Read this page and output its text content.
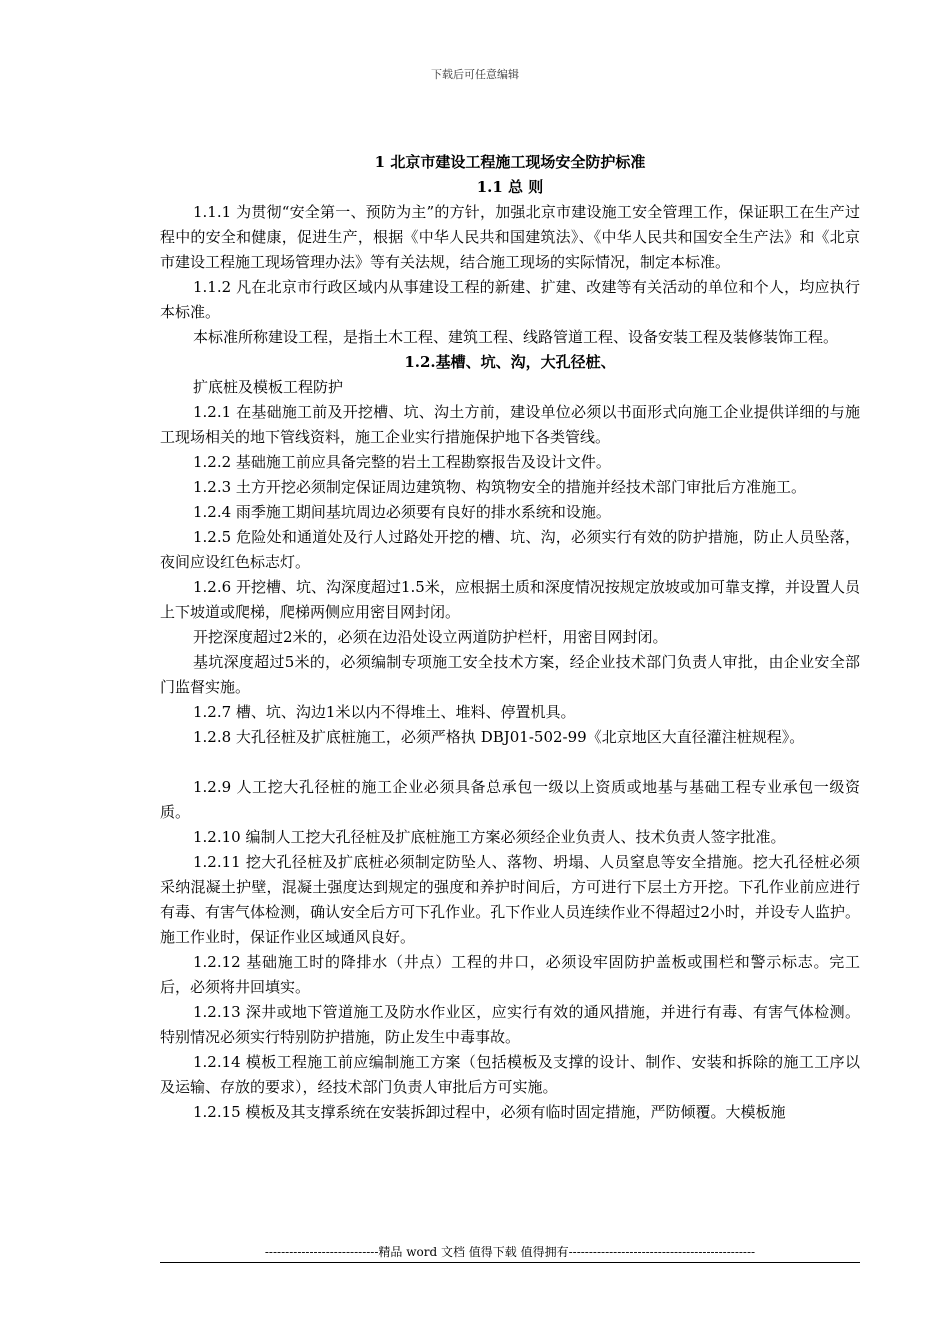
下载后可任意编辑
1 北京市建设工程施工现场安全防护标准
1.1 总 则

1.1.1 为贯彻“安全第一、预防为主”的方针，加强北京市建设施工安全管理工作，保证职工在生产过程中的安全和健康，促进生产，根据《中华人民共和国建筑法》、《中华人民共和国安全生产法》和《北京市建设工程施工现场管理办法》等有关法规，结合施工现场的实际情况，制定本标准。

1.1.2 凡在北京市行政区域内从事建设工程的新建、扩建、改建等有关活动的单位和个人，均应执行本标准。

本标准所称建设工程，是指土木工程、建筑工程、线路管道工程、设备安装工程及装修装饰工程。

1.2.基槽、坑、沟，大孔径桩、
扩底桩及模板工程防护

1.2.1 在基础施工前及开挖槽、坑、沟土方前，建设单位必须以书面形式向施工企业提供详细的与施工现场相关的地下管线资料，施工企业实行措施保护地下各类管线。

1.2.2 基础施工前应具备完整的岩土工程勘察报告及设计文件。

1.2.3 土方开挖必须制定保证周边建筑物、构筑物安全的措施并经技术部门审批后方准施工。

1.2.4 雨季施工期间基坑周边必须要有良好的排水系统和设施。

1.2.5 危险处和通道处及行人过路处开挖的槽、坑、沟，必须实行有效的防护措施，防止人员坠落，夜间应设红色标志灯。

1.2.6 开挖槽、坑、沟深度超过1.5米，应根据土质和深度情况按规定放坡或加可靠支撑，并设置人员上下坡道或爬梯，爬梯两侧应用密目网封闭。

开挖深度超过2米的，必须在边沿处设立两道防护栏杆，用密目网封闭。

基坑深度超过5米的，必须编制专项施工安全技术方案，经企业技术部门负责人审批，由企业安全部门监督实施。

1.2.7 槽、坑、沟边1米以内不得堆土、堆料、停置机具。

1.2.8 大孔径桩及扩底桩施工，必须严格执 DBJ01-502-99《北京地区大直径灌注桩规程》。

1.2.9 人工挖大孔径桩的施工企业必须具备总承包一级以上资质或地基与基础工程专业承包一级资质。

1.2.10 编制人工挖大孔径桩及扩底桩施工方案必须经企业负责人、技术负责人签字批准。

1.2.11 挖大孔径桩及扩底桩必须制定防坠人、落物、坍塌、人员窒息等安全措施。挖大孔径桩必须采纳混凝土护壁，混凝土强度达到规定的强度和养护时间后，方可进行下层土方开挖。下孔作业前应进行有毒、有害气体检测，确认安全后方可下孔作业。孔下作业人员连续作业不得超过2小时，并设专人监护。施工作业时，保证作业区域通风良好。

1.2.12 基础施工时的降排水（井点）工程的井口，必须设牢固防护盖板或围栏和警示标志。完工后，必须将井回填实。

1.2.13 深井或地下管道施工及防水作业区，应实行有效的通风措施，并进行有毒、有害气体检测。特别情况必须实行特别防护措施，防止发生中毒事故。

1.2.14 模板工程施工前应编制施工方案（包括模板及支撑的设计、制作、安装和拆除的施工工序以及运输、存放的要求），经技术部门负责人审批后方可实施。

1.2.15 模板及其支撑系统在安装拆卸过程中，必须有临时固定措施，严防倾覆。大模板施

----------------------------精品 word 文档 值得下载 值得拥有----------------------------------------------
